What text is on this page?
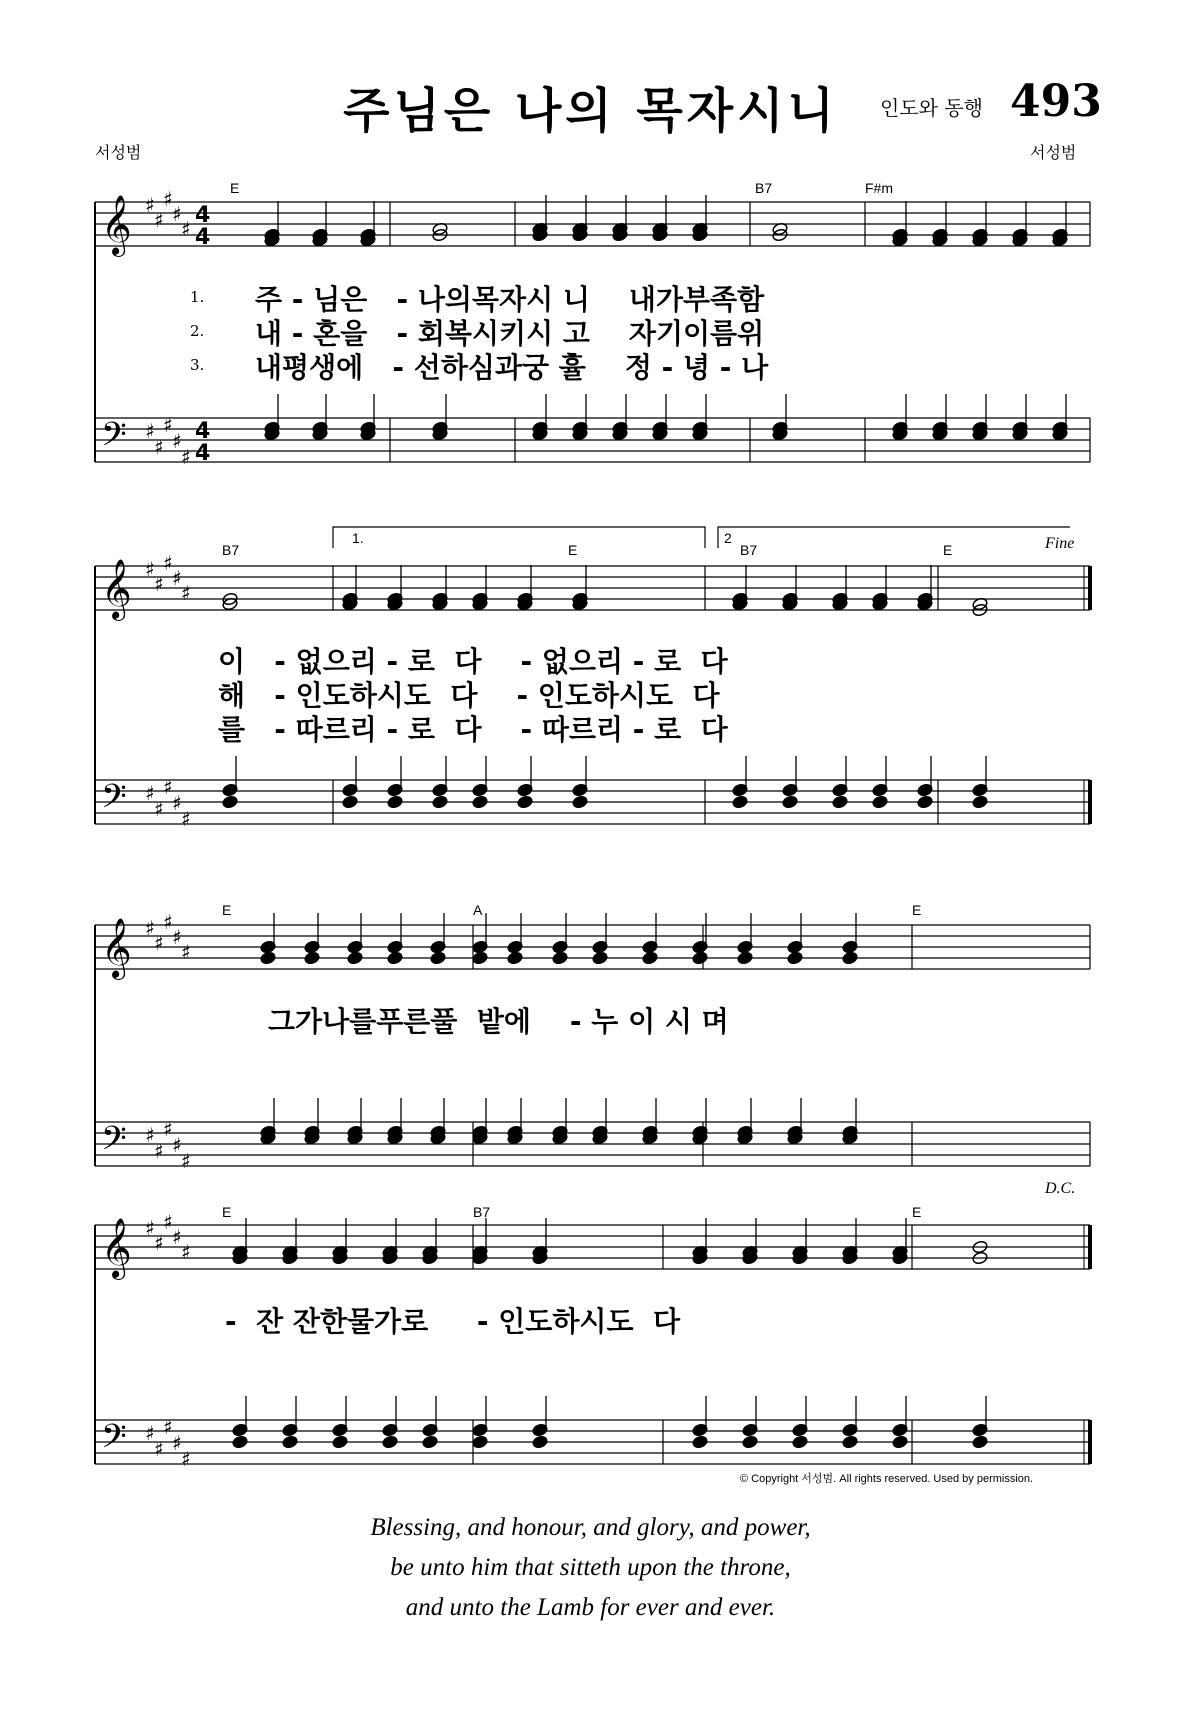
주님은 나의 목자시니	인도와 동행 493
서성범	서성범
𝄞
𝄢
♯
♯
♯
♯
♯
♯
♯
♯
♯
♯
4
4
4
4
𝄞
𝄢
♯
♯
♯
♯
♯
♯
♯
♯
♯
♯
𝄞
𝄢
♯
♯
♯
♯
♯
♯
♯
♯
♯
♯
𝄞
𝄢
♯
♯
♯
♯
♯
♯
♯
♯
♯
♯
E	B7	F#m
1.
2.
3.
주 - 님은   - 나의목자시 니    내가부족함
내 - 혼을   - 회복시키시 고    자기이름위
내평생에   - 선하심과궁 휼    정 - 녕 - 나
B7	E	B7	E
1.	2	Fine
이   - 없으리 - 로  다    - 없으리 - 로  다
해   - 인도하시도  다    - 인도하시도  다
를   - 따르리 - 로  다    - 따르리 - 로  다
E	A	E
그가나를푸른풀  밭에    - 누 이 시 며
E	B7	E
D.C.
-  잔 잔한물가로     - 인도하시도  다
© Copyright 서성범. All rights reserved. Used by permission.
Blessing, and honour, and glory, and power,
be unto him that sitteth upon the throne,
and unto the Lamb for ever and ever.
